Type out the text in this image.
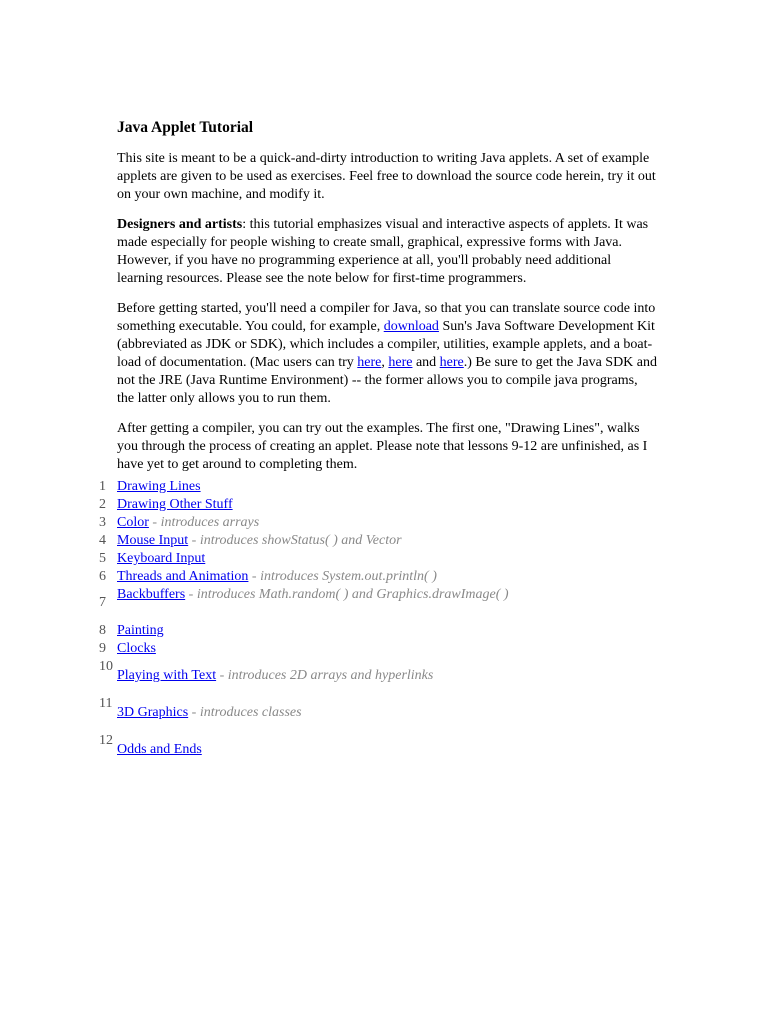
Java Applet Tutorial

This site is meant to be a quick-and-dirty introduction to writing Java applets. A set of example applets are given to be used as exercises. Feel free to download the source code herein, try it out on your own machine, and modify it.

Designers and artists: this tutorial emphasizes visual and interactive aspects of applets. It was made especially for people wishing to create small, graphical, expressive forms with Java. However, if you have no programming experience at all, you'll probably need additional learning resources. Please see the note below for first-time programmers.

Before getting started, you'll need a compiler for Java, so that you can translate source code into something executable. You could, for example, download Sun's Java Software Development Kit (abbreviated as JDK or SDK), which includes a compiler, utilities, example applets, and a boat-load of documentation. (Mac users can try here, here and here.) Be sure to get the Java SDK and not the JRE (Java Runtime Environment) -- the former allows you to compile java programs, the latter only allows you to run them.

After getting a compiler, you can try out the examples. The first one, "Drawing Lines", walks you through the process of creating an applet. Please note that lessons 9-12 are unfinished, as I have yet to get around to completing them.

1 Drawing Lines
2 Drawing Other Stuff
3 Color - introduces arrays
4 Mouse Input - introduces showStatus( ) and Vector
5 Keyboard Input
6 Threads and Animation - introduces System.out.println( )
7
Backbuffers - introduces Math.random( ) and Graphics.drawImage( )
8 Painting
9 Clocks
10
Playing with Text - introduces 2D arrays and hyperlinks
11
3D Graphics - introduces classes
12
Odds and Ends
